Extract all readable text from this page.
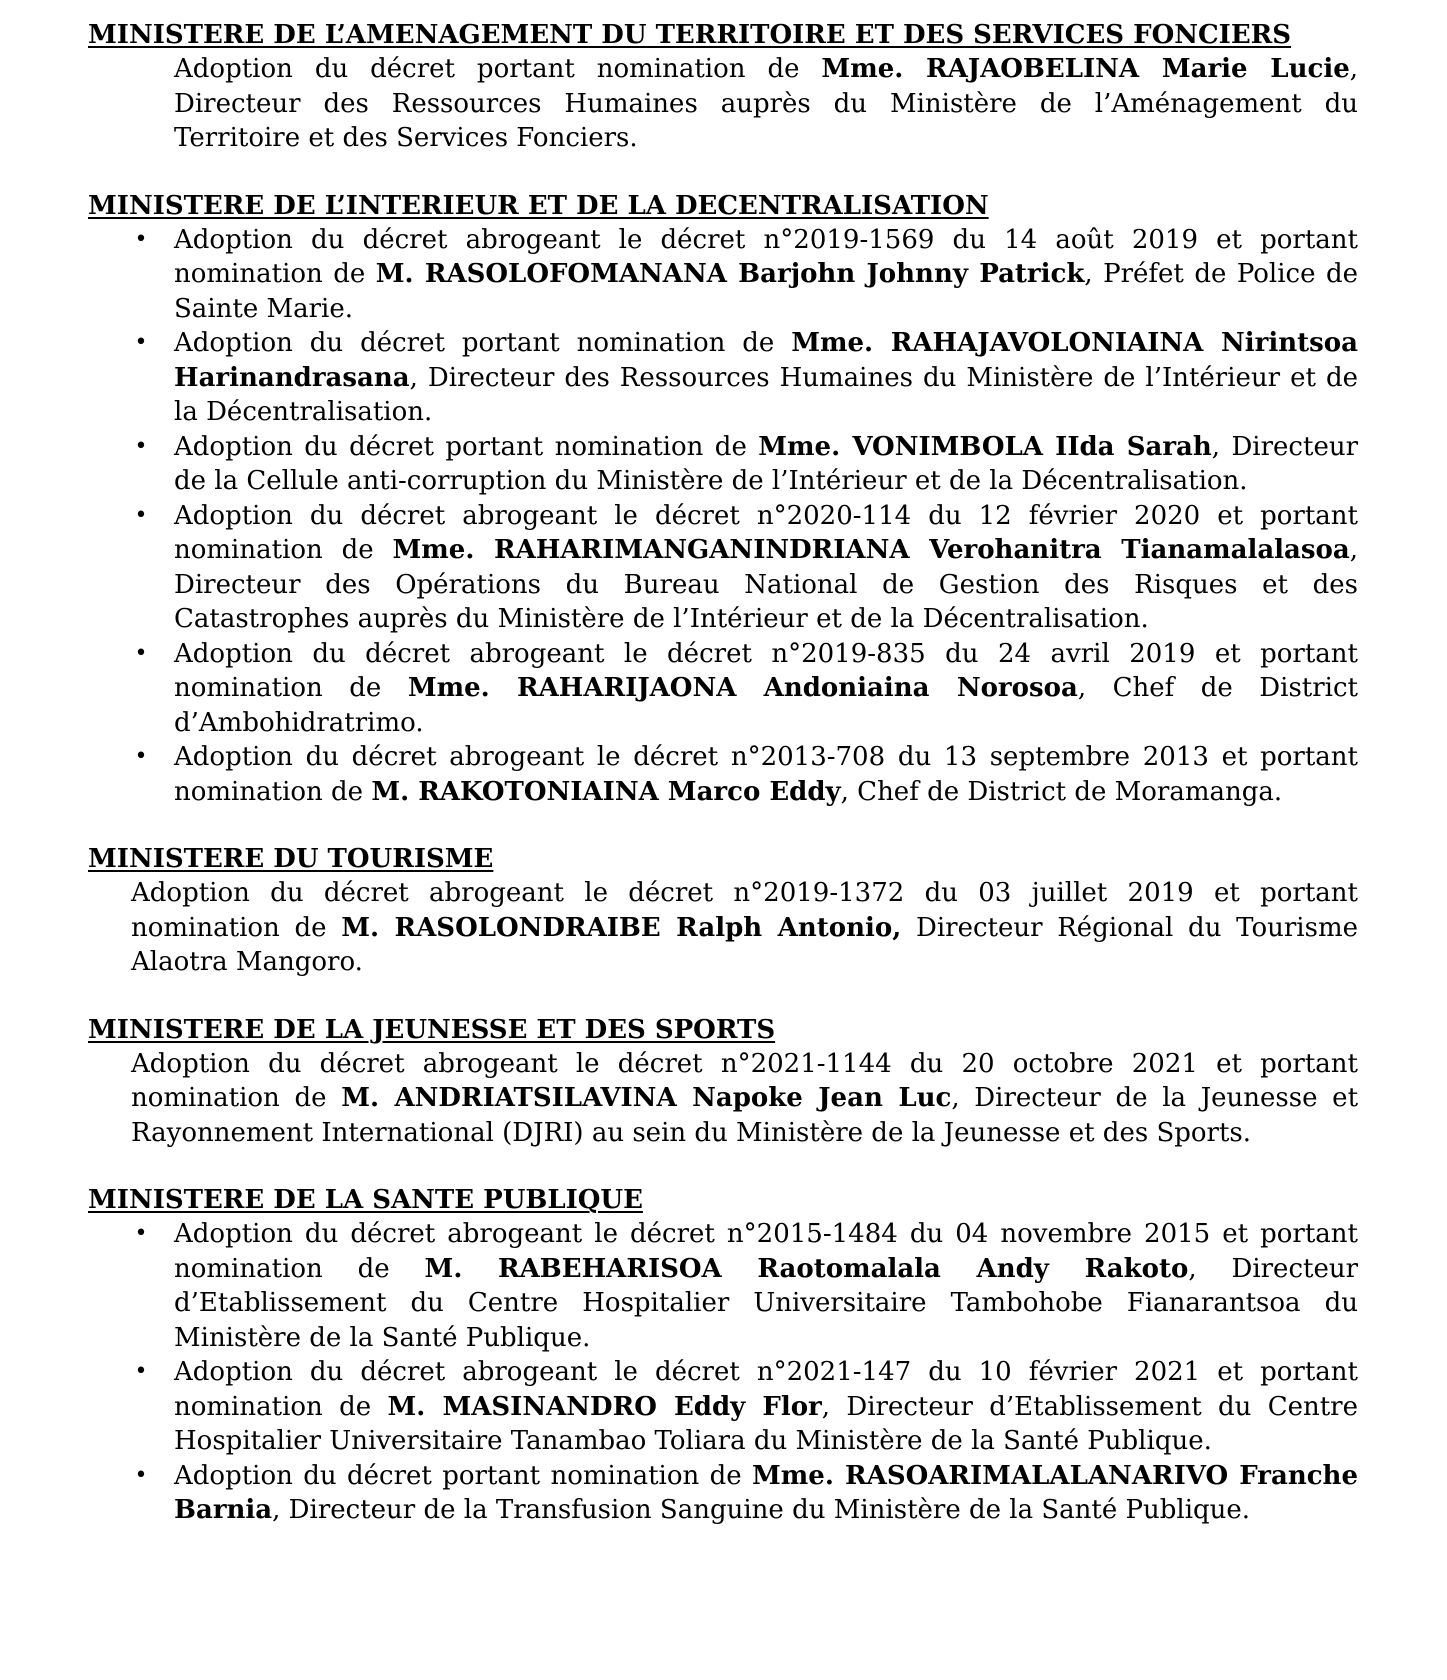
MINISTERE DE L’AMENAGEMENT DU TERRITOIRE ET DES SERVICES FONCIERS

Adoption du décret portant nomination de Mme. RAJAOBELINA Marie Lucie, Directeur des Ressources Humaines auprès du Ministère de l’Aménagement du Territoire et des Services Fonciers.

MINISTERE DE L’INTERIEUR ET DE LA DECENTRALISATION

• Adoption du décret abrogeant le décret n°2019-1569 du 14 août 2019 et portant nomination de M. RASOLOFOMANANA Barjohn Johnny Patrick, Préfet de Police de Sainte Marie.
• Adoption du décret portant nomination de Mme. RAHAJAVOLONIAINA Nirintsoa Harinandrasana, Directeur des Ressources Humaines du Ministère de l’Intérieur et de la Décentralisation.
• Adoption du décret portant nomination de Mme. VONIMBOLA IIda Sarah, Directeur de la Cellule anti-corruption du Ministère de l’Intérieur et de la Décentralisation.
• Adoption du décret abrogeant le décret n°2020-114 du 12 février 2020 et portant nomination de Mme. RAHARIMANGANINDRIANA Verohanitra Tianamalalasoa, Directeur des Opérations du Bureau National de Gestion des Risques et des Catastrophes auprès du Ministère de l’Intérieur et de la Décentralisation.
• Adoption du décret abrogeant le décret n°2019-835 du 24 avril 2019 et portant nomination de Mme. RAHARIJAONA Andoniaina Norosoa, Chef de District d’Ambohidratrimo.
• Adoption du décret abrogeant le décret n°2013-708 du 13 septembre 2013 et portant nomination de M. RAKOTONIAINA Marco Eddy, Chef de District de Moramanga.

MINISTERE DU TOURISME

Adoption du décret abrogeant le décret n°2019-1372 du 03 juillet 2019 et portant nomination de M. RASOLONDRAIBE Ralph Antonio, Directeur Régional du Tourisme Alaotra Mangoro.

MINISTERE DE LA JEUNESSE ET DES SPORTS

Adoption du décret abrogeant le décret n°2021-1144 du 20 octobre 2021 et portant nomination de M. ANDRIATSILAVINA Napoke Jean Luc, Directeur de la Jeunesse et Rayonnement International (DJRI) au sein du Ministère de la Jeunesse et des Sports.

MINISTERE DE LA SANTE PUBLIQUE

• Adoption du décret abrogeant le décret n°2015-1484 du 04 novembre 2015 et portant nomination de M. RABEHARISOA Raotomalala Andy Rakoto, Directeur d’Etablissement du Centre Hospitalier Universitaire Tambohobe Fianarantsoa du Ministère de la Santé Publique.
• Adoption du décret abrogeant le décret n°2021-147 du 10 février 2021 et portant nomination de M. MASINANDRO Eddy Flor, Directeur d’Etablissement du Centre Hospitalier Universitaire Tanambao Toliara du Ministère de la Santé Publique.
• Adoption du décret portant nomination de Mme. RASOARIMALALANARIVO Franche Barnia, Directeur de la Transfusion Sanguine du Ministère de la Santé Publique.
